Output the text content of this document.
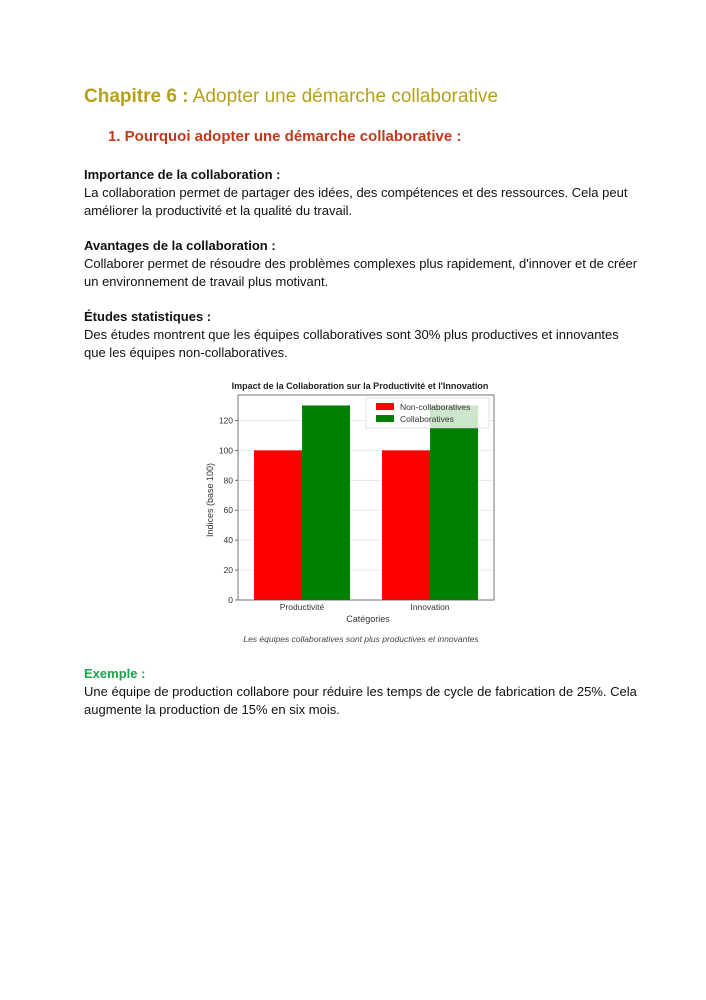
Chapitre 6 : Adopter une démarche collaborative
1. Pourquoi adopter une démarche collaborative :
Importance de la collaboration :

La collaboration permet de partager des idées, des compétences et des ressources. Cela peut améliorer la productivité et la qualité du travail.

Avantages de la collaboration :

Collaborer permet de résoudre des problèmes complexes plus rapidement, d'innover et de créer un environnement de travail plus motivant.

Études statistiques :

Des études montrent que les équipes collaboratives sont 30% plus productives et innovantes que les équipes non-collaboratives.

Impact de la Collaboration sur la Productivité et l'Innovation
Indices (base 100)
Catégories
Les équipes collaboratives sont plus productives et innovantes
0
20
40
60
80
100
120
Productivité	Innovation
Non-collaboratives
Collaboratives
Exemple :

Une équipe de production collabore pour réduire les temps de cycle de fabrication de 25%. Cela augmente la production de 15% en six mois.
